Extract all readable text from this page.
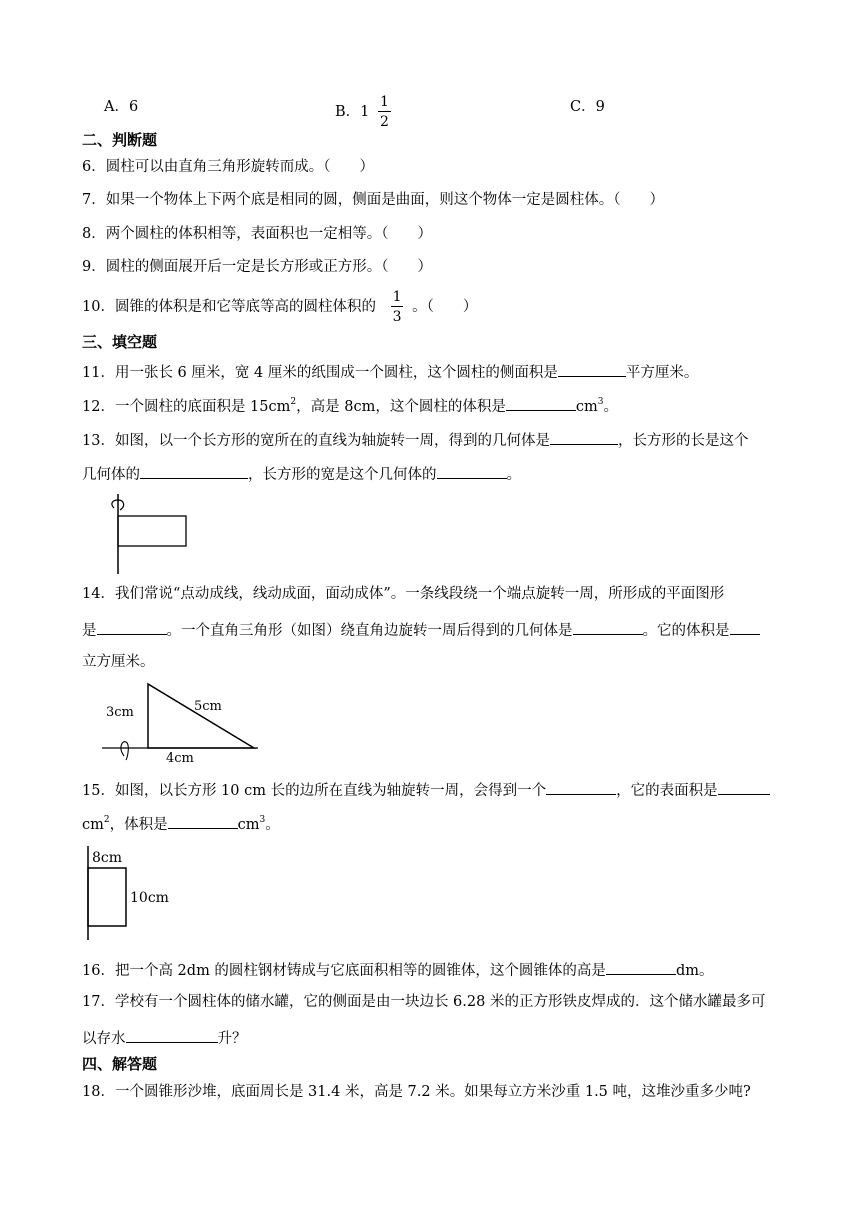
A．6	B．$1 \frac{1}{2}$	C．9
二、判断题
6．圆柱可以由直角三角形旋转而成。（　　）
7．如果一个物体上下两个底是相同的圆，侧面是曲面，则这个物体一定是圆柱体。（　　）
8．两个圆柱的体积相等，表面积也一定相等。（　　）
9．圆柱的侧面展开后一定是长方形或正方形。（　　）
10．圆锥的体积是和它等底等高的圆柱体积的 $\frac{1}{3}$ 。（　　）
三、填空题
11．用一张长 6 厘米，宽 4 厘米的纸围成一个圆柱，这个圆柱的侧面积是	平方厘米。
12．一个圆柱的底面积是 $15cm^2$，高是 8cm，这个圆柱的体积是	$cm^3$。
13．如图，以一个长方形的宽所在的直线为轴旋转一周，得到的几何体是	，长方形的长是这个
几何体的	，长方形的宽是这个几何体的	。
14．我们常说“点动成线，线动成面，面动成体”。一条线段绕一个端点旋转一周，所形成的平面图形
是	。一个直角三角形（如图）绕直角边旋转一周后得到的几何体是	。它的体积是
立方厘米。
3cm	5cm
4cm
15．如图，以长方形 10 cm 长的边所在直线为轴旋转一周，会得到一个	，它的表面积是
$cm^2$，体积是	$cm^3$。
8cm
10cm
16．把一个高 2dm 的圆柱钢材铸成与它底面积相等的圆锥体，这个圆锥体的高是	dm。
17．学校有一个圆柱体的储水罐，它的侧面是由一块边长 6.28 米的正方形铁皮焊成的．这个储水罐最多可
以存水	升？
四、解答题
18．一个圆锥形沙堆，底面周长是 31.4 米，高是 7.2 米。如果每立方米沙重 1.5 吨，这堆沙重多少吨?
